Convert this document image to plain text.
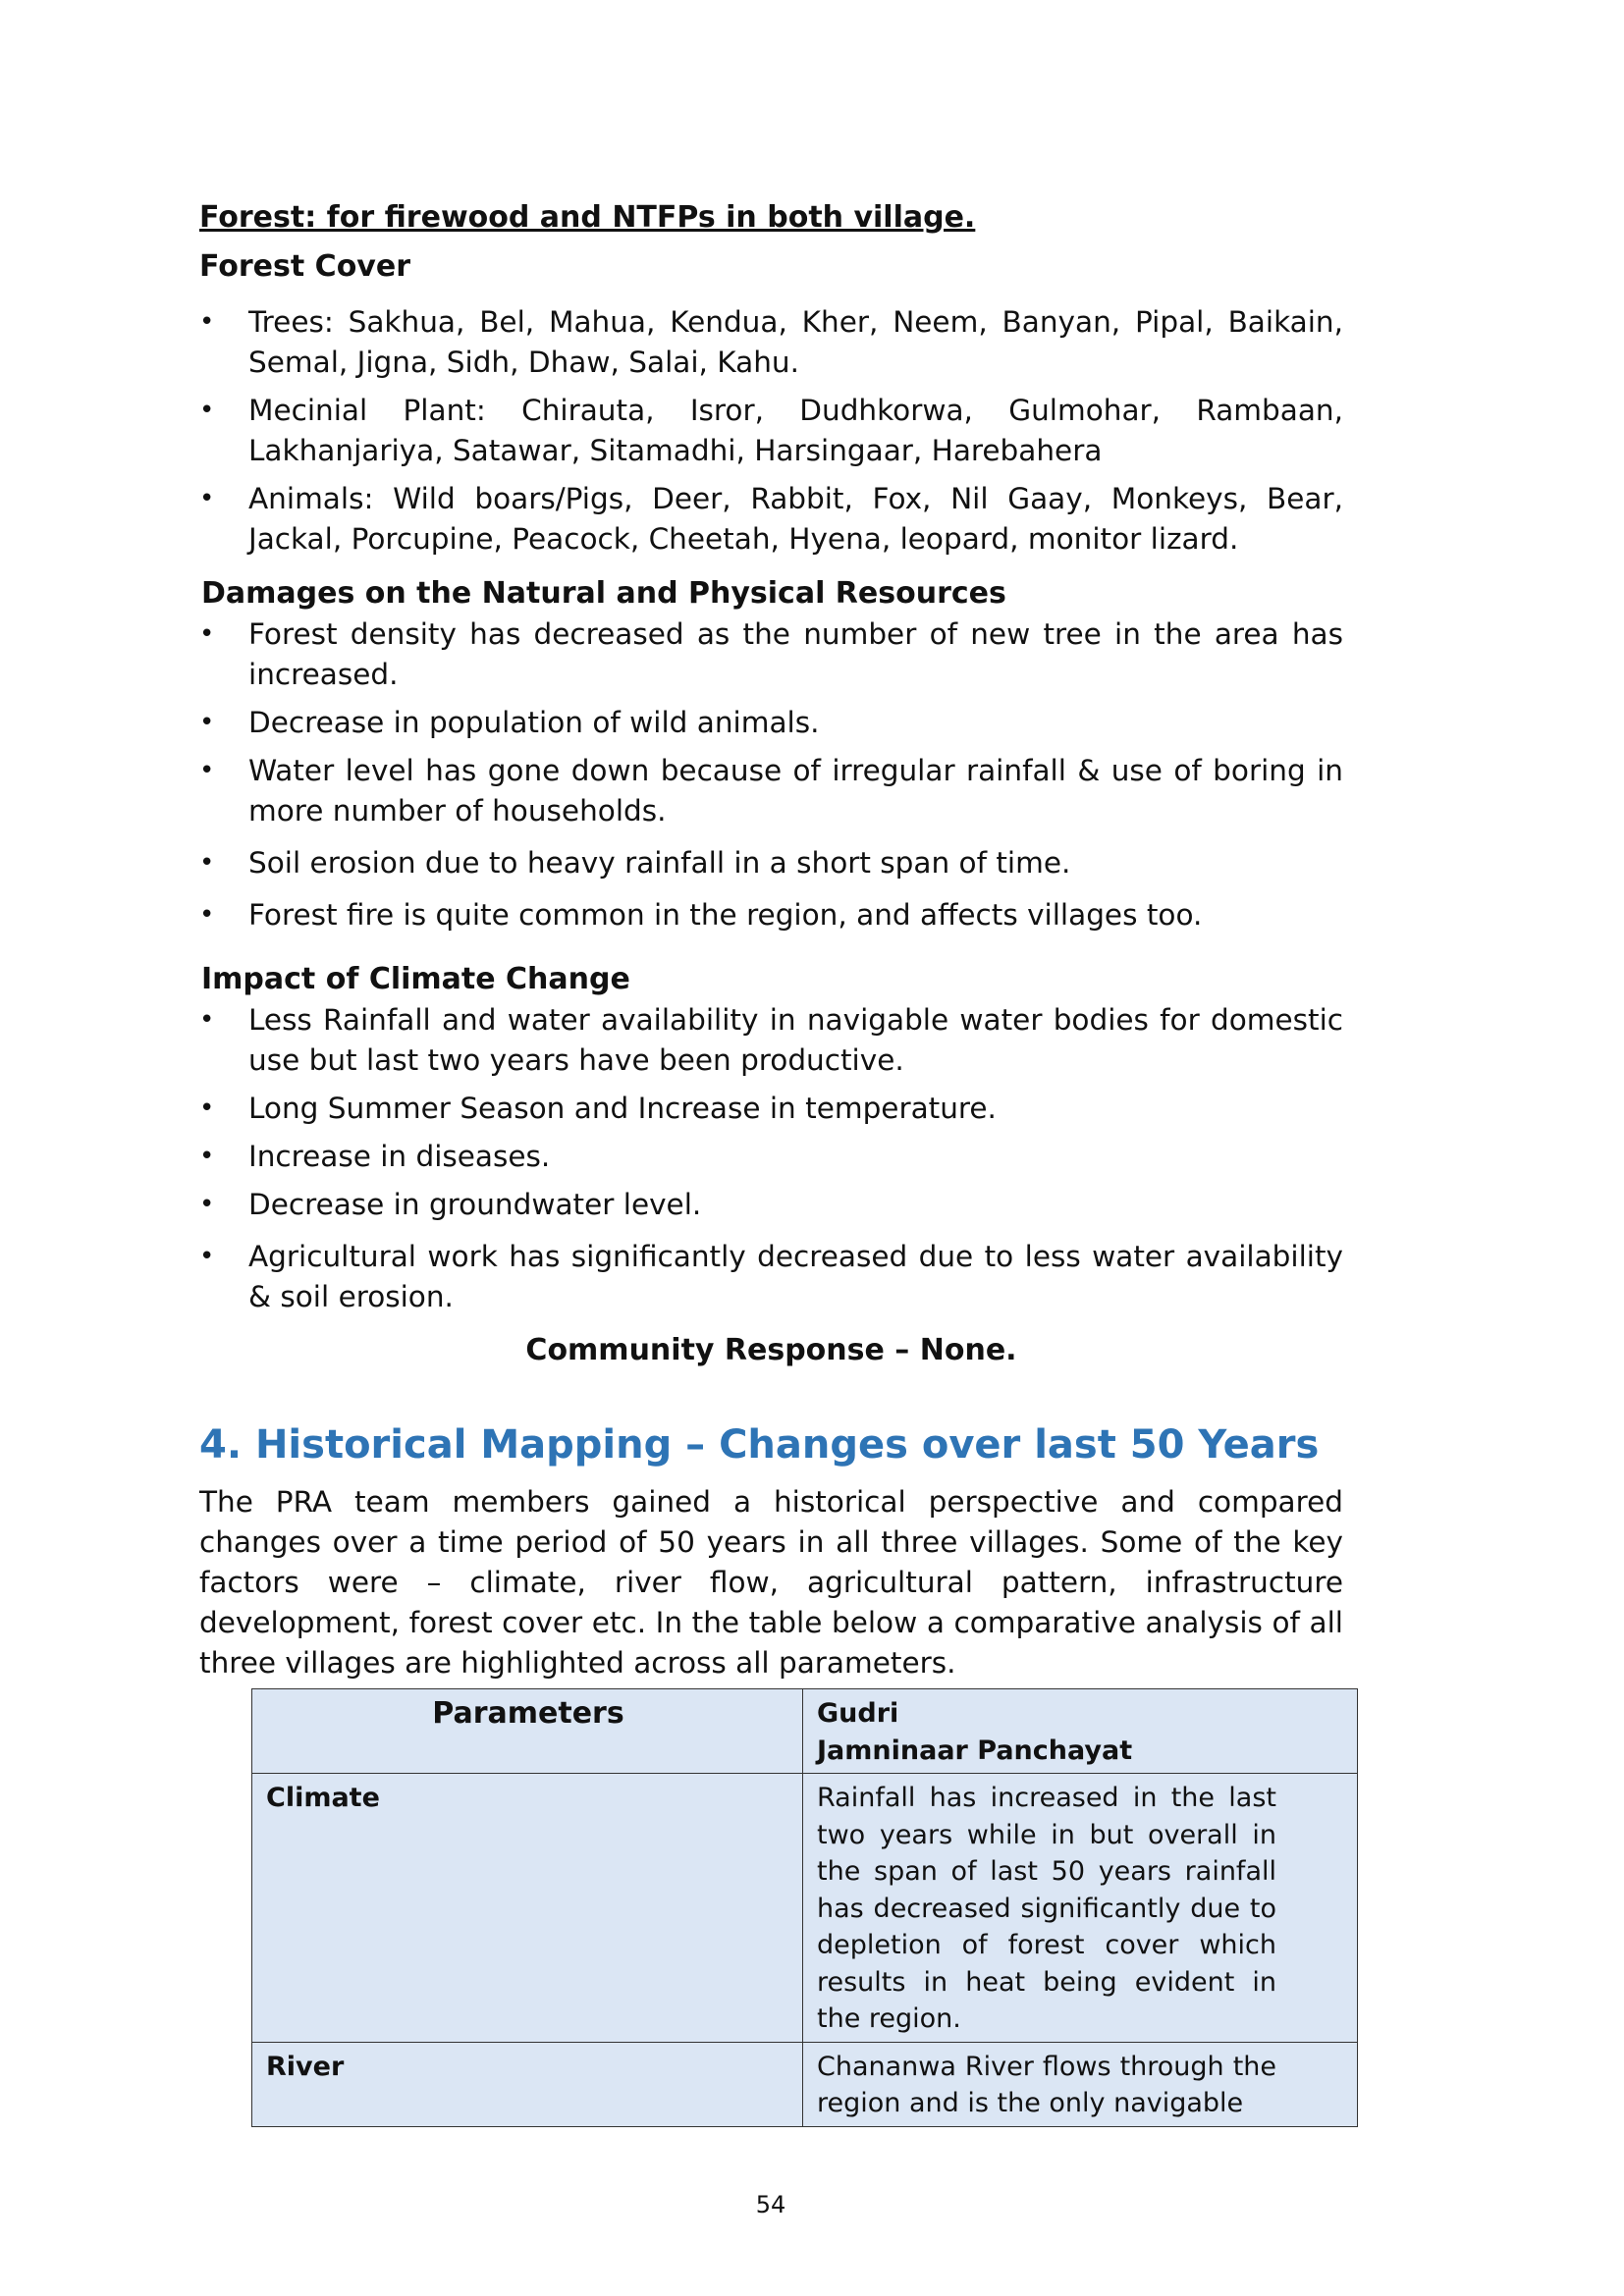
Forest: for firewood and NTFPs in both village.

Forest Cover

• Trees: Sakhua, Bel, Mahua, Kendua, Kher, Neem, Banyan, Pipal, Baikain, Semal, Jigna, Sidh, Dhaw, Salai, Kahu.
• Mecinial Plant: Chirauta, Isror, Dudhkorwa, Gulmohar, Rambaan, Lakhanjariya, Satawar, Sitamadhi, Harsingaar, Harebahera
• Animals: Wild boars/Pigs, Deer, Rabbit, Fox, Nil Gaay, Monkeys, Bear, Jackal, Porcupine, Peacock, Cheetah, Hyena, leopard, monitor lizard.

Damages on the Natural and Physical Resources

• Forest density has decreased as the number of new tree in the area has increased.
• Decrease in population of wild animals.
• Water level has gone down because of irregular rainfall & use of boring in more number of households.
• Soil erosion due to heavy rainfall in a short span of time.
• Forest fire is quite common in the region, and affects villages too.

Impact of Climate Change

• Less Rainfall and water availability in navigable water bodies for domestic use but last two years have been productive.
• Long Summer Season and Increase in temperature.
• Increase in diseases.
• Decrease in groundwater level.
• Agricultural work has significantly decreased due to less water availability & soil erosion.

Community Response – None.

4. Historical Mapping – Changes over last 50 Years

The PRA team members gained a historical perspective and compared changes over a time period of 50 years in all three villages. Some of the key factors were – climate, river flow, agricultural pattern, infrastructure development, forest cover etc. In the table below a comparative analysis of all three villages are highlighted across all parameters.

Parameters	Gudri
Jamninaar Panchayat

Climate	Rainfall has increased in the last two years while in but overall in the span of last 50 years rainfall has decreased significantly due to depletion of forest cover which results in heat being evident in the region.
River	Chananwa River flows through the region and is the only navigable
54
